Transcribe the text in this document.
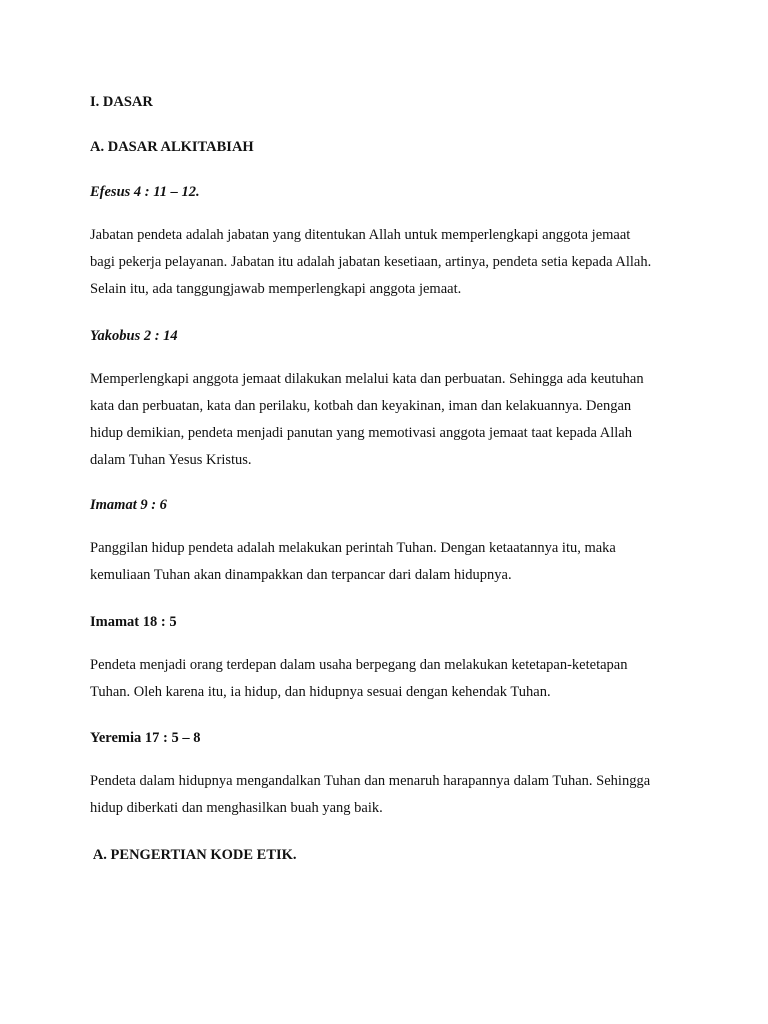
I. DASAR
A. DASAR ALKITABIAH
Efesus 4 : 11 – 12.
Jabatan pendeta adalah jabatan yang ditentukan Allah untuk memperlengkapi anggota jemaat
bagi pekerja pelayanan. Jabatan itu adalah jabatan kesetiaan, artinya, pendeta setia kepada Allah.
Selain itu, ada tanggungjawab memperlengkapi anggota jemaat.
Yakobus 2 : 14
Memperlengkapi anggota jemaat dilakukan melalui kata dan perbuatan. Sehingga ada keutuhan
kata dan perbuatan, kata dan perilaku, kotbah dan keyakinan, iman dan kelakuannya. Dengan
hidup demikian, pendeta menjadi panutan yang memotivasi anggota jemaat taat kepada Allah
dalam Tuhan Yesus Kristus.
Imamat 9 : 6
Panggilan hidup pendeta adalah melakukan perintah Tuhan. Dengan ketaatannya itu, maka
kemuliaan Tuhan akan dinampakkan dan terpancar dari dalam hidupnya.
Imamat 18 : 5
Pendeta menjadi orang terdepan dalam usaha berpegang dan melakukan ketetapan-ketetapan
Tuhan. Oleh karena itu, ia hidup, dan hidupnya sesuai dengan kehendak Tuhan.
Yeremia 17 : 5 – 8
Pendeta dalam hidupnya mengandalkan Tuhan dan menaruh harapannya dalam Tuhan. Sehingga
hidup diberkati dan menghasilkan buah yang baik.
A. PENGERTIAN KODE ETIK.
